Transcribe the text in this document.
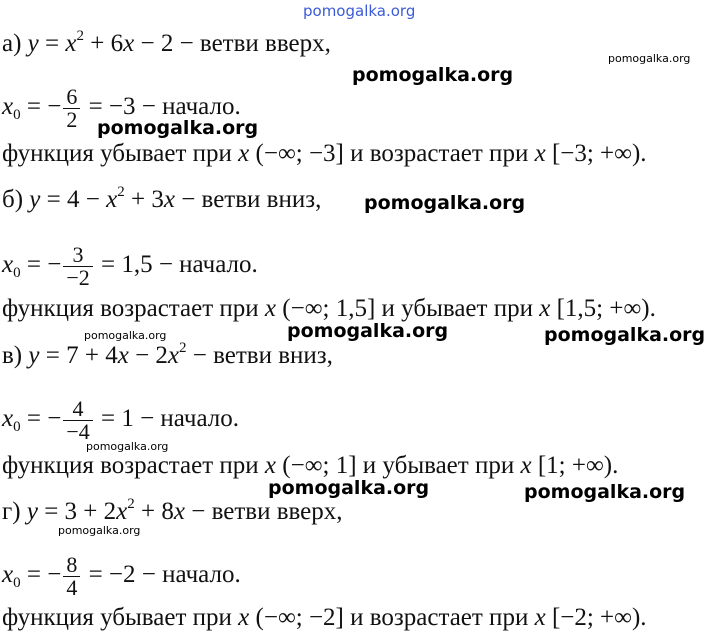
pomogalka.org
pomogalka.org
pomogalka.org
pomogalka.org
pomogalka.org
pomogalka.org	pomogalka.org	pomogalka.org
pomogalka.org
pomogalka.org	pomogalka.org
pomogalka.org
а) $y = x^2 + 6x - 2$ − ветви вверх,
$x_0$ = − $\frac{6}{2} = -3$ − начало.
функция убывает при x (−∞; −3] и возрастает при x [−3; +∞).
б) $y = 4 - x^2 + 3x$ − ветви вниз,
$x_0$ = − $\frac{3}{-2} = 1,5$ − начало.
функция возрастает при x (−∞; 1,5] и убывает при x [1,5; +∞).
в) $y = 7 + 4x - 2x^2$ − ветви вниз,
$x_0$ = − $\frac{4}{-4} = 1$ − начало.
функция возрастает при x (−∞; 1] и убывает при x [1; +∞).
г) $y = 3 + 2x^2 + 8x$ − ветви вверх,
$x_0$ = − $\frac{8}{4} = -2$ − начало.
функция убывает при x (−∞; −2] и возрастает при x [−2; +∞).
